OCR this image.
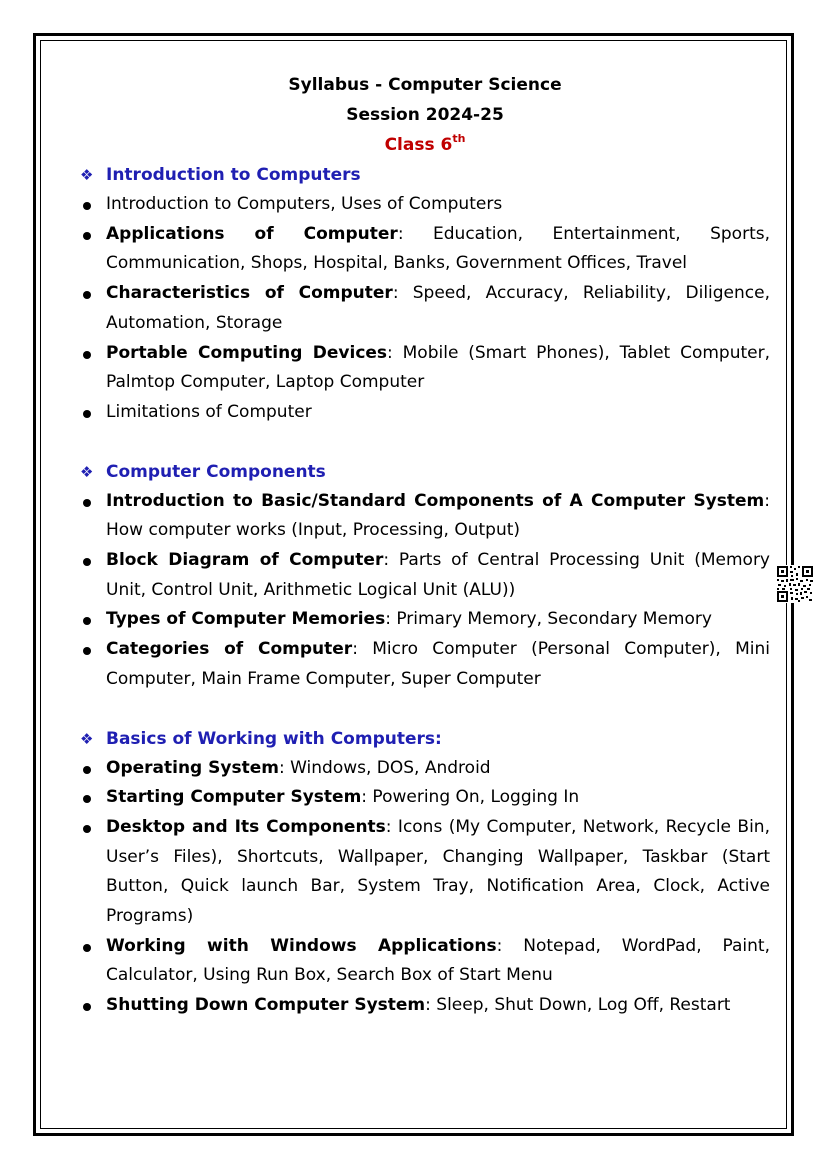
Syllabus - Computer Science
Session 2024-25
Class 6th
❖ Introduction to Computers
Introduction to Computers, Uses of Computers
Applications of Computer: Education, Entertainment, Sports, Communication, Shops, Hospital, Banks, Government Offices, Travel
Characteristics of Computer: Speed, Accuracy, Reliability, Diligence, Automation, Storage
Portable Computing Devices: Mobile (Smart Phones), Tablet Computer, Palmtop Computer, Laptop Computer
Limitations of Computer
❖ Computer Components
Introduction to Basic/Standard Components of A Computer System: How computer works (Input, Processing, Output)
Block Diagram of Computer: Parts of Central Processing Unit (Memory Unit, Control Unit, Arithmetic Logical Unit (ALU))
Types of Computer Memories: Primary Memory, Secondary Memory
Categories of Computer: Micro Computer (Personal Computer), Mini Computer, Main Frame Computer, Super Computer
❖ Basics of Working with Computers:
Operating System: Windows, DOS, Android
Starting Computer System: Powering On, Logging In
Desktop and Its Components: Icons (My Computer, Network, Recycle Bin, User’s Files), Shortcuts, Wallpaper, Changing Wallpaper, Taskbar (Start Button, Quick launch Bar, System Tray, Notification Area, Clock, Active Programs)
Working with Windows Applications: Notepad, WordPad, Paint, Calculator, Using Run Box, Search Box of Start Menu
Shutting Down Computer System: Sleep, Shut Down, Log Off, Restart
